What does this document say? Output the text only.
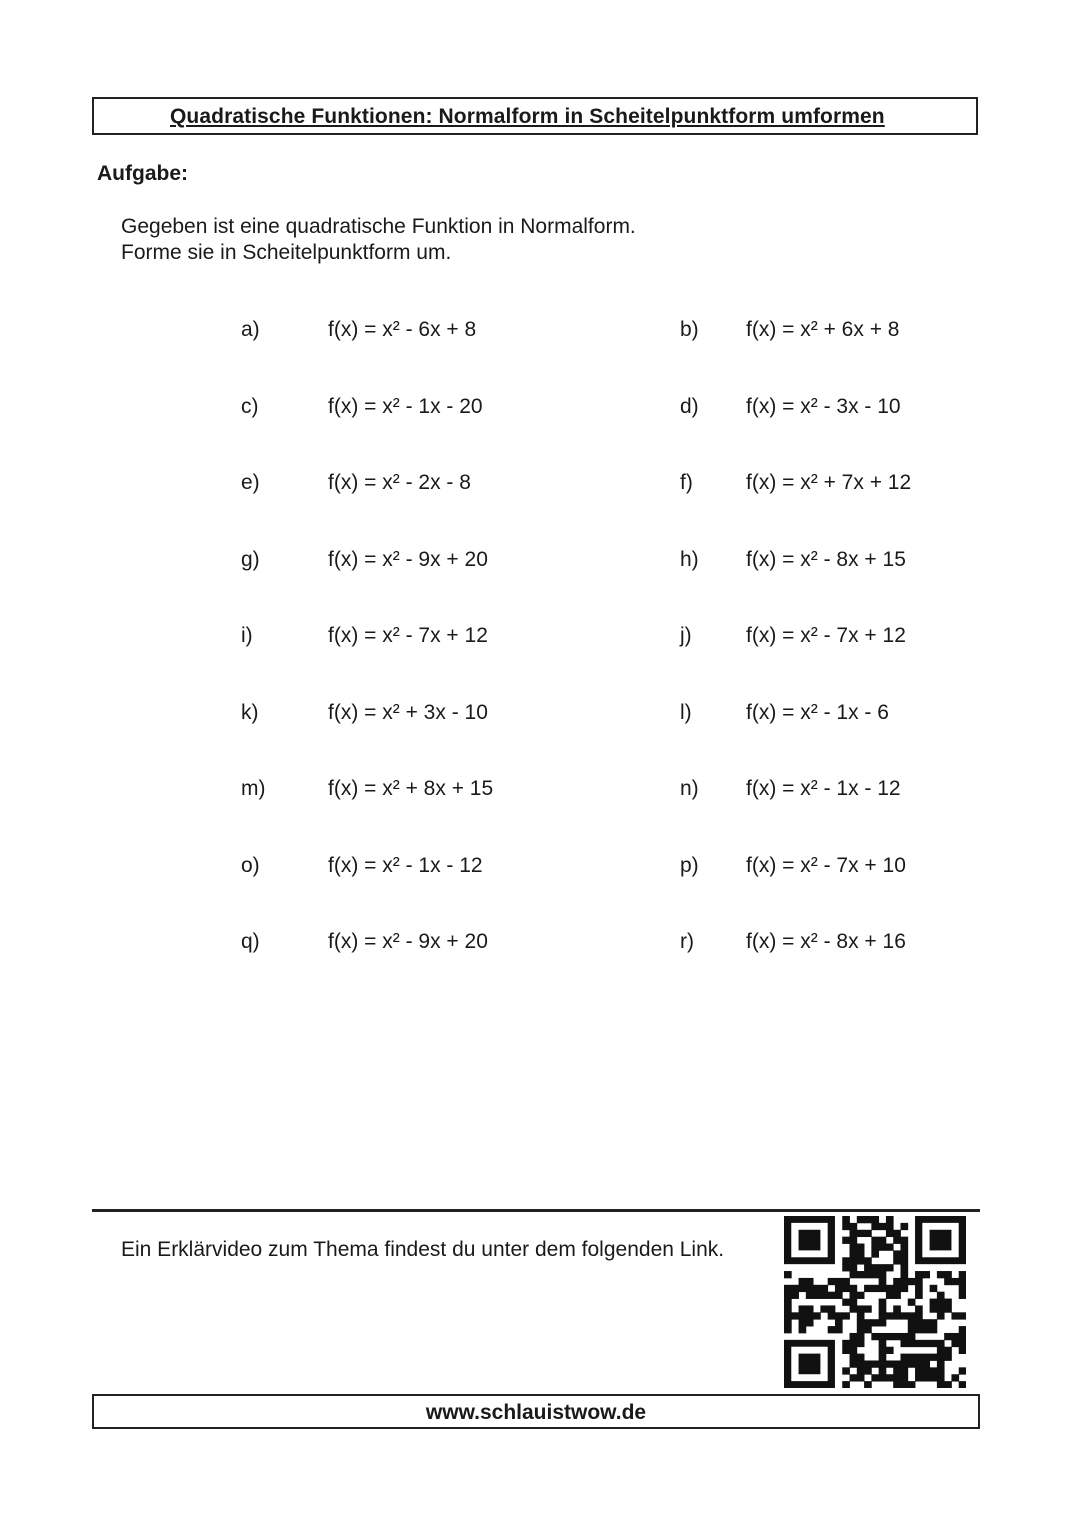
Quadratische Funktionen: Normalform in Scheitelpunktform umformen
Aufgabe:
Gegeben ist eine quadratische Funktion in Normalform.
Forme sie in Scheitelpunktform um.
a)	f(x) = x² - 6x + 8	b) f(x) = x² + 6x + 8
c)	f(x) = x² - 1x - 20	d) f(x) = x² - 3x - 10
e)	f(x) = x² - 2x - 8	f)	f(x) = x² + 7x + 12
g)	f(x) = x² - 9x + 20	h) f(x) = x² - 8x + 15
i)	f(x) = x² - 7x + 12	j)	f(x) = x² - 7x + 12
k)	f(x) = x² + 3x - 10	l)	f(x) = x² - 1x - 6
m)	f(x) = x² + 8x + 15	n) f(x) = x² - 1x - 12
o)	f(x) = x² - 1x - 12	p) f(x) = x² - 7x + 10
q)	f(x) = x² - 9x + 20	r) f(x) = x² - 8x + 16
Ein Erklärvideo zum Thema findest du unter dem folgenden Link.
www.schlauistwow.de
